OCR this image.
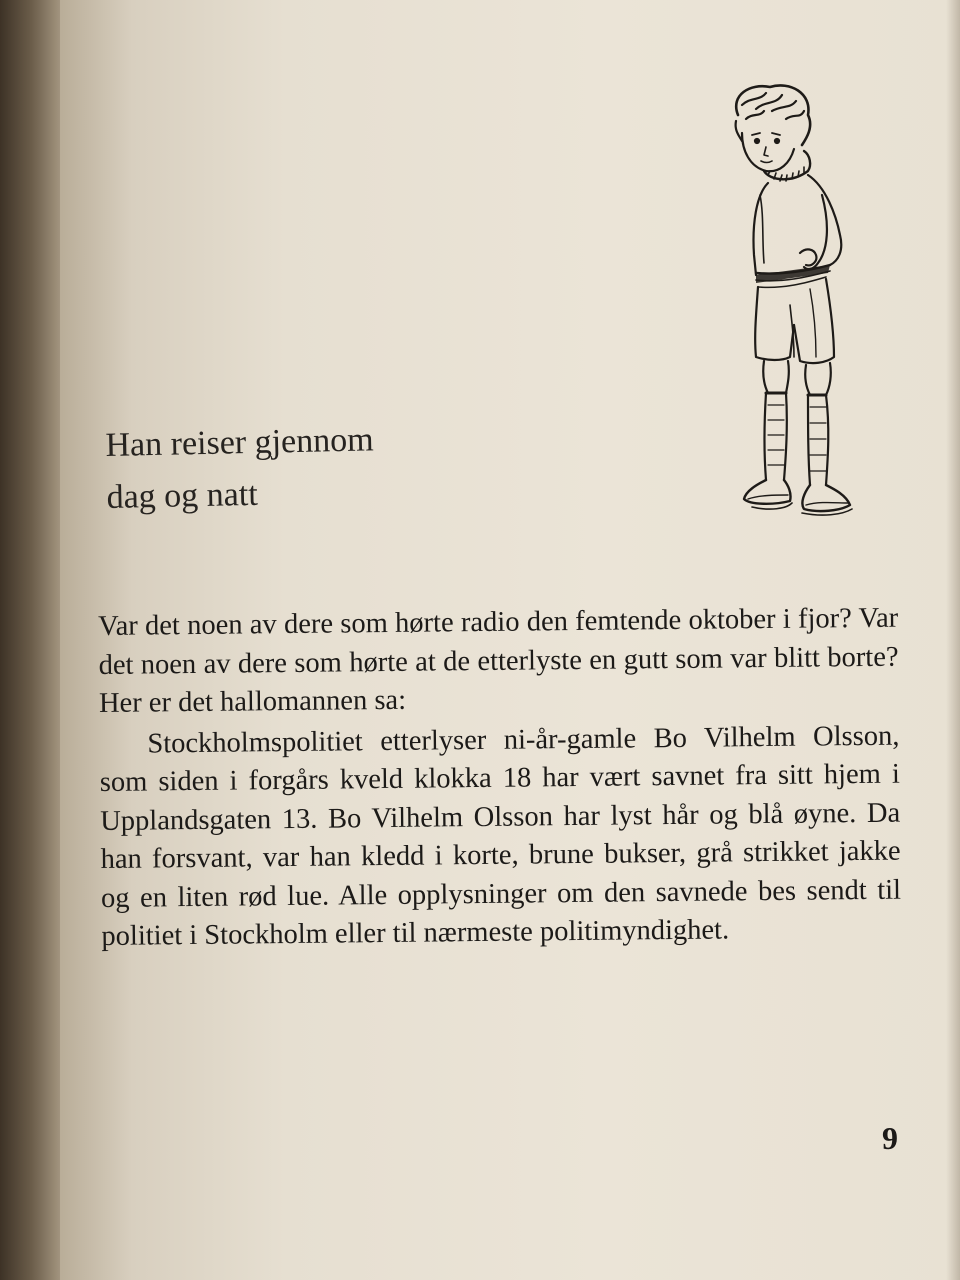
Han reiser gjennom
dag og natt

Var det noen av dere som hørte radio den femtende oktober i fjor? Var det noen av dere som hørte at de etterlyste en gutt som var blitt borte? Her er det hallomannen sa:

Stockholmspolitiet etterlyser ni-år-gamle Bo Vilhelm Olsson, som siden i forgårs kveld klokka 18 har vært savnet fra sitt hjem i Upplandsgaten 13. Bo Vilhelm Olsson har lyst hår og blå øyne. Da han forsvant, var han kledd i korte, brune bukser, grå strikket jakke og en liten rød lue. Alle opplysninger om den savnede bes sendt til politiet i Stockholm eller til nærmeste politimyndighet.

9
